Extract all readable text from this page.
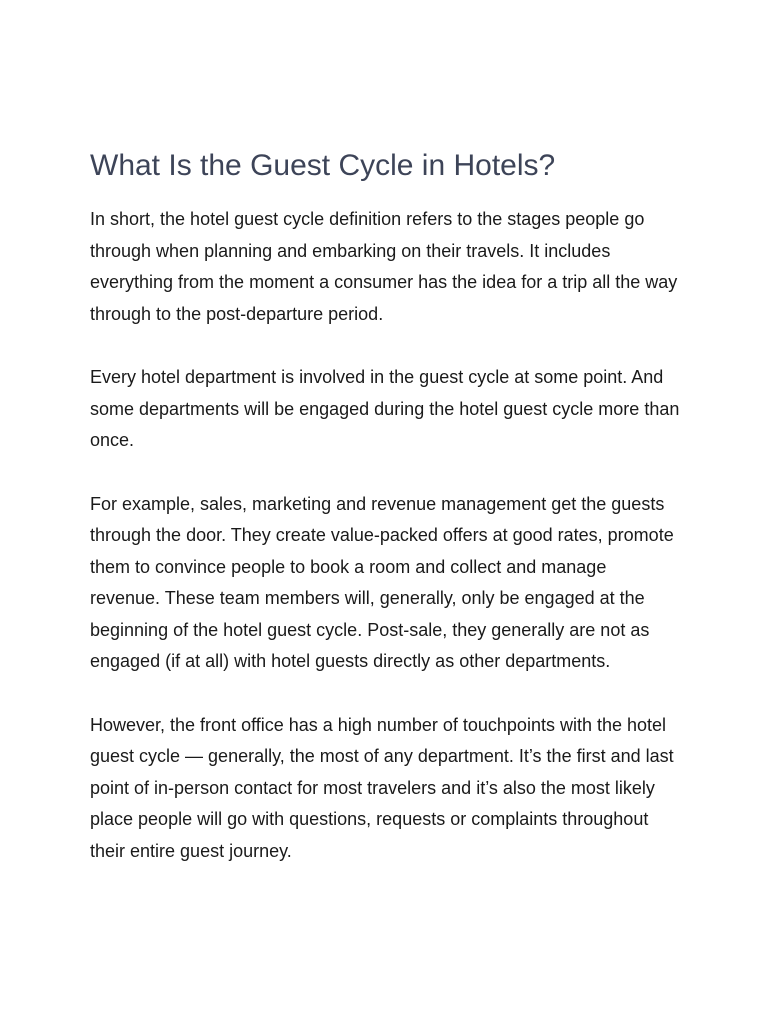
What Is the Guest Cycle in Hotels?

In short, the hotel guest cycle definition refers to the stages people go through when planning and embarking on their travels. It includes everything from the moment a consumer has the idea for a trip all the way through to the post-departure period.

Every hotel department is involved in the guest cycle at some point. And some departments will be engaged during the hotel guest cycle more than once.

For example, sales, marketing and revenue management get the guests through the door. They create value-packed offers at good rates, promote them to convince people to book a room and collect and manage revenue. These team members will, generally, only be engaged at the beginning of the hotel guest cycle. Post-sale, they generally are not as engaged (if at all) with hotel guests directly as other departments.

However, the front office has a high number of touchpoints with the hotel guest cycle — generally, the most of any department. It’s the first and last point of in-person contact for most travelers and it’s also the most likely place people will go with questions, requests or complaints throughout their entire guest journey.
